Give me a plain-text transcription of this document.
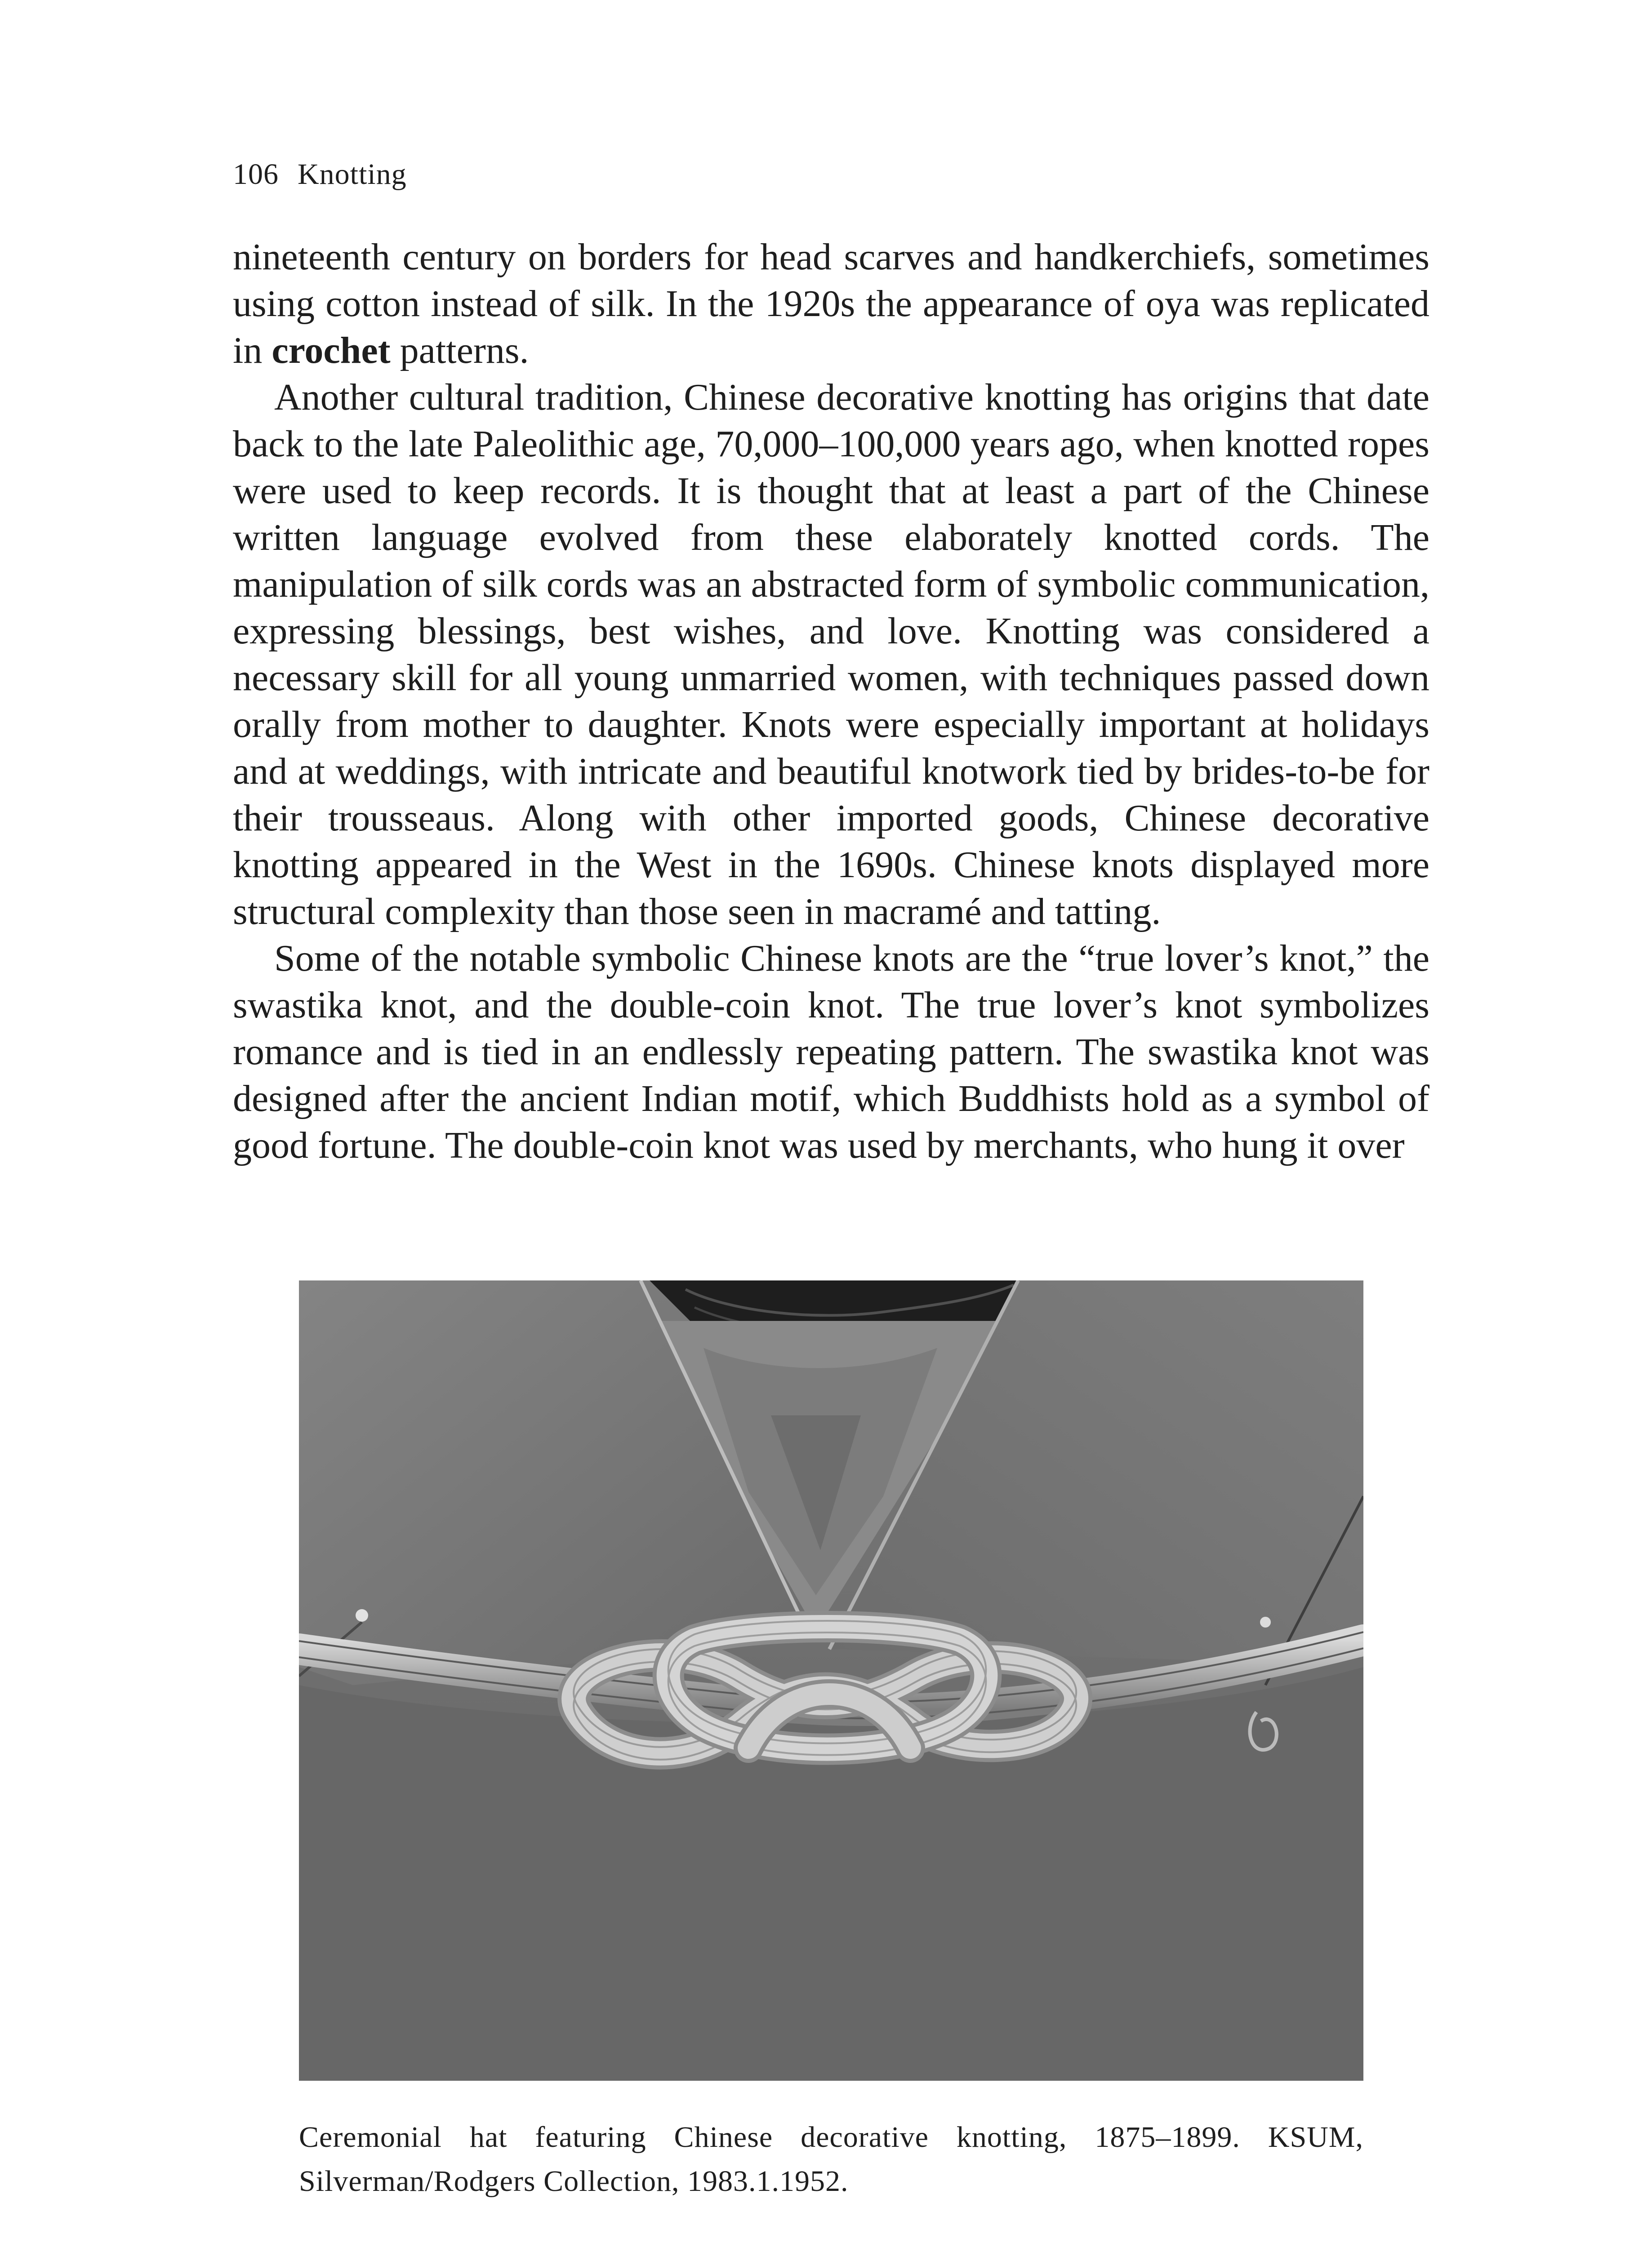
106 Knotting

nineteenth century on borders for head scarves and handkerchiefs, sometimes using cotton instead of silk. In the 1920s the appearance of oya was replicated in crochet patterns.

Another cultural tradition, Chinese decorative knotting has origins that date back to the late Paleolithic age, 70,000–100,000 years ago, when knotted ropes were used to keep records. It is thought that at least a part of the Chinese written language evolved from these elaborately knotted cords. The manipulation of silk cords was an abstracted form of symbolic communication, expressing blessings, best wishes, and love. Knotting was considered a necessary skill for all young unmarried women, with techniques passed down orally from mother to daughter. Knots were especially important at holidays and at weddings, with intricate and beautiful knotwork tied by brides-to-be for their trousseaus. Along with other imported goods, Chinese decorative knotting appeared in the West in the 1690s. Chinese knots displayed more structural complexity than those seen in macramé and tatting.

Some of the notable symbolic Chinese knots are the “true lover’s knot,” the swastika knot, and the double-coin knot. The true lover’s knot symbolizes romance and is tied in an endlessly repeating pattern. The swastika knot was designed after the ancient Indian motif, which Buddhists hold as a symbol of good fortune. The double-coin knot was used by merchants, who hung it over

Ceremonial hat featuring Chinese decorative knotting, 1875–1899. KSUM, Silverman/Rodgers Collection, 1983.1.1952.
